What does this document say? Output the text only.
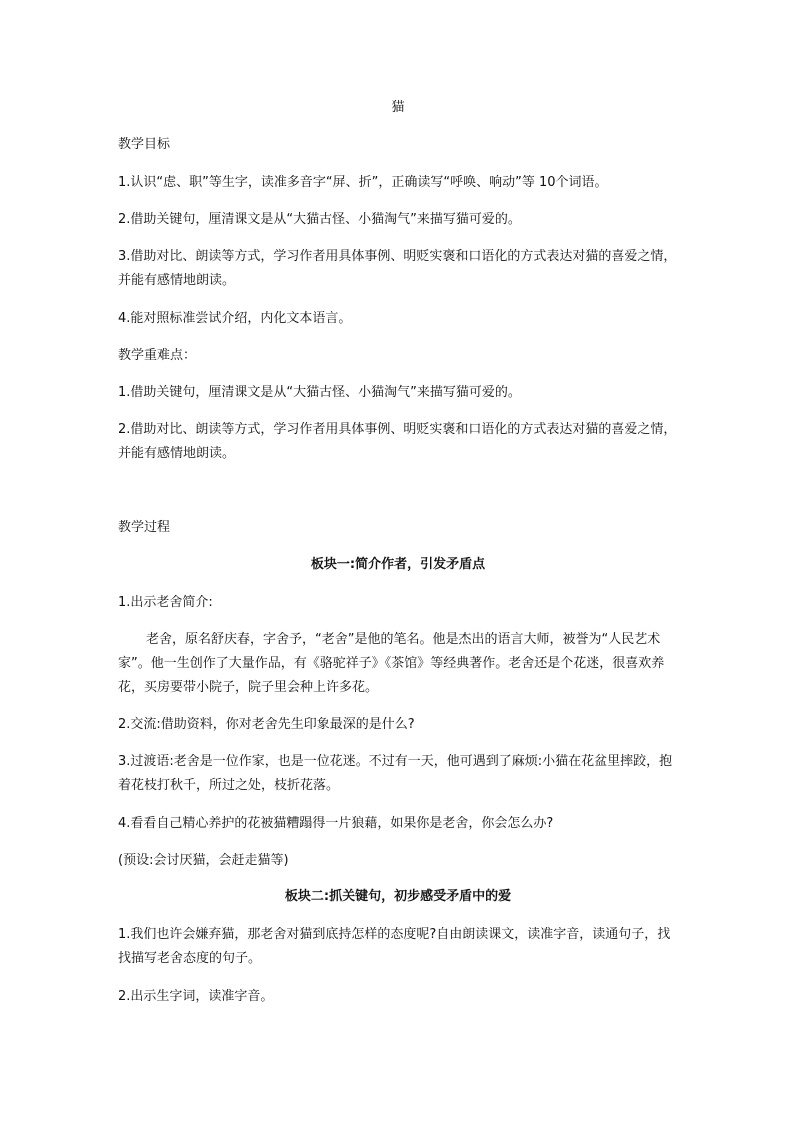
猫
教学目标
1.认识“虑、职”等生字，读准多音字“屏、折”，正确读写“呼唤、响动”等 10个词语。
2.借助关键句，厘清课文是从“大猫古怪、小猫淘气”来描写猫可爱的。
3.借助对比、朗读等方式，学习作者用具体事例、明贬实褒和口语化的方式表达对猫的喜爱之情，并能有感情地朗读。
4.能对照标准尝试介绍，内化文本语言。
教学重难点：
1.借助关键句，厘清课文是从“大猫古怪、小猫淘气”来描写猫可爱的。
2.借助对比、朗读等方式，学习作者用具体事例、明贬实褒和口语化的方式表达对猫的喜爱之情，并能有感情地朗读。
教学过程
板块一:简介作者，引发矛盾点
1.出示老舍简介:
老舍，原名舒庆春，字舍予，“老舍”是他的笔名。他是杰出的语言大师，被誉为“人民艺术家”。他一生创作了大量作品，有《骆驼祥子》《茶馆》等经典著作。老舍还是个花迷，很喜欢养花，买房要带小院子，院子里会种上许多花。
2.交流:借助资料，你对老舍先生印象最深的是什么?
3.过渡语:老舍是一位作家，也是一位花迷。不过有一天，他可遇到了麻烦:小猫在花盆里摔跤，抱着花枝打秋千，所过之处，枝折花落。
4.看看自己精心养护的花被猫糟蹋得一片狼藉，如果你是老舍，你会怎么办?
(预设:会讨厌猫，会赶走猫等)
板块二:抓关键句，初步感受矛盾中的爱
1.我们也许会嫌弃猫，那老舍对猫到底持怎样的态度呢?自由朗读课文，读准字音，读通句子，找找描写老舍态度的句子。
2.出示生字词，读准字音。
